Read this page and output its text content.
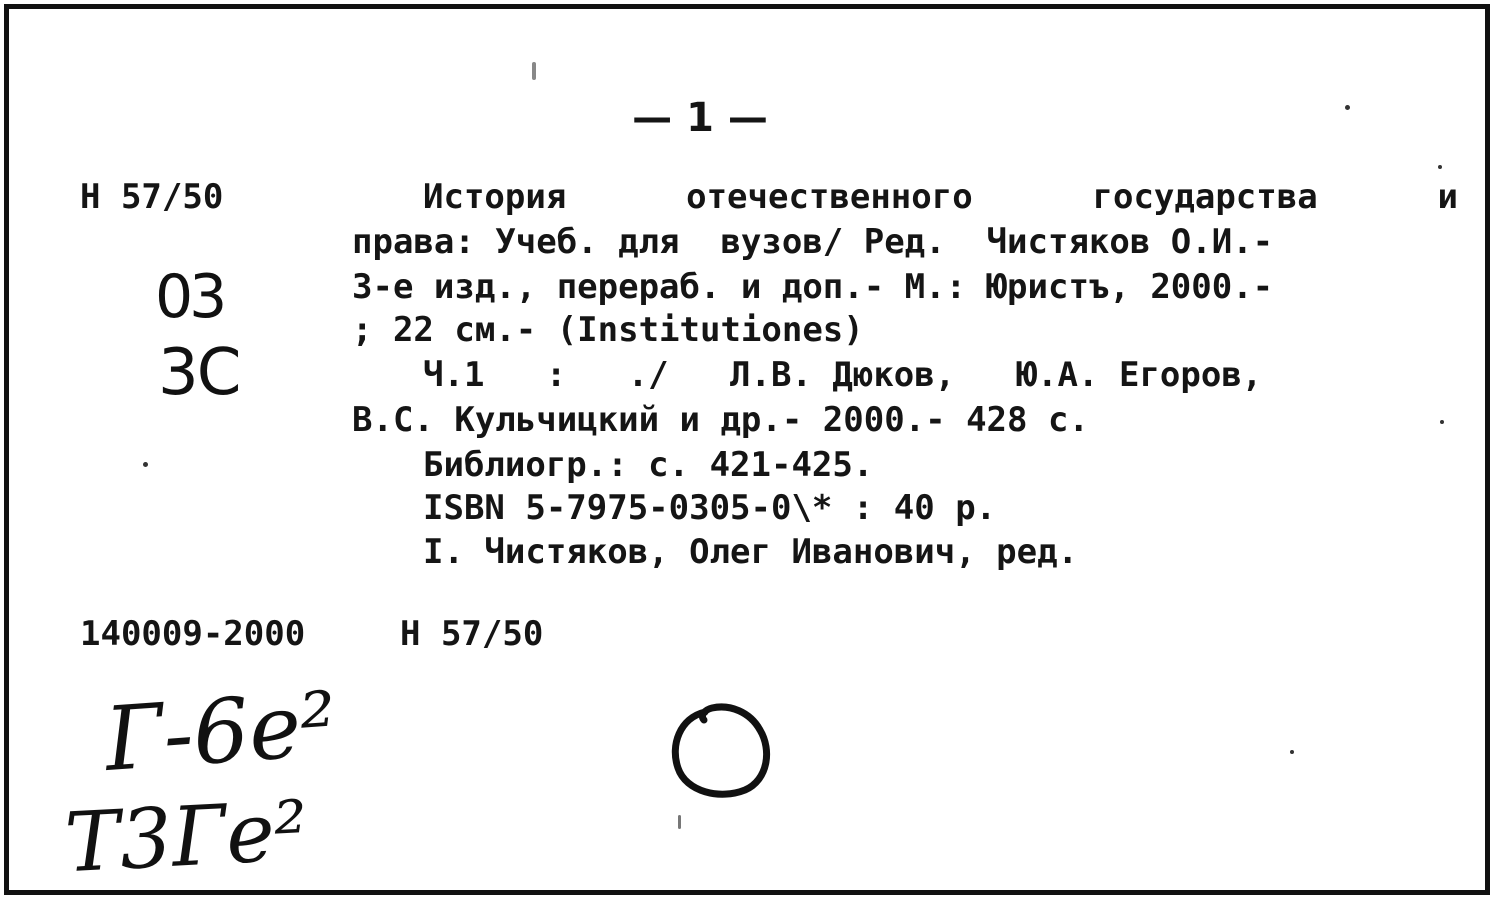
— 1 —
Н 57/50
03
3С
История	отечественного	государства	и
права: Учеб. для  вузов/ Ред.  Чистяков О.И.-
3-е изд., перераб. и доп.- М.: Юристъ, 2000.-
; 22 см.- (Institutiones)
Ч.1   :   ./   Л.В. Дюков,   Ю.А. Егоров,
В.С. Кульчицкий и др.- 2000.- 428 с.
Библиогр.: с. 421-425.
ISBN 5-7975-0305-0\* : 40 р.
I. Чистяков, Олег Иванович, ред.
140009-2000	Н 57/50
Г-6е²
Т3Ге²
